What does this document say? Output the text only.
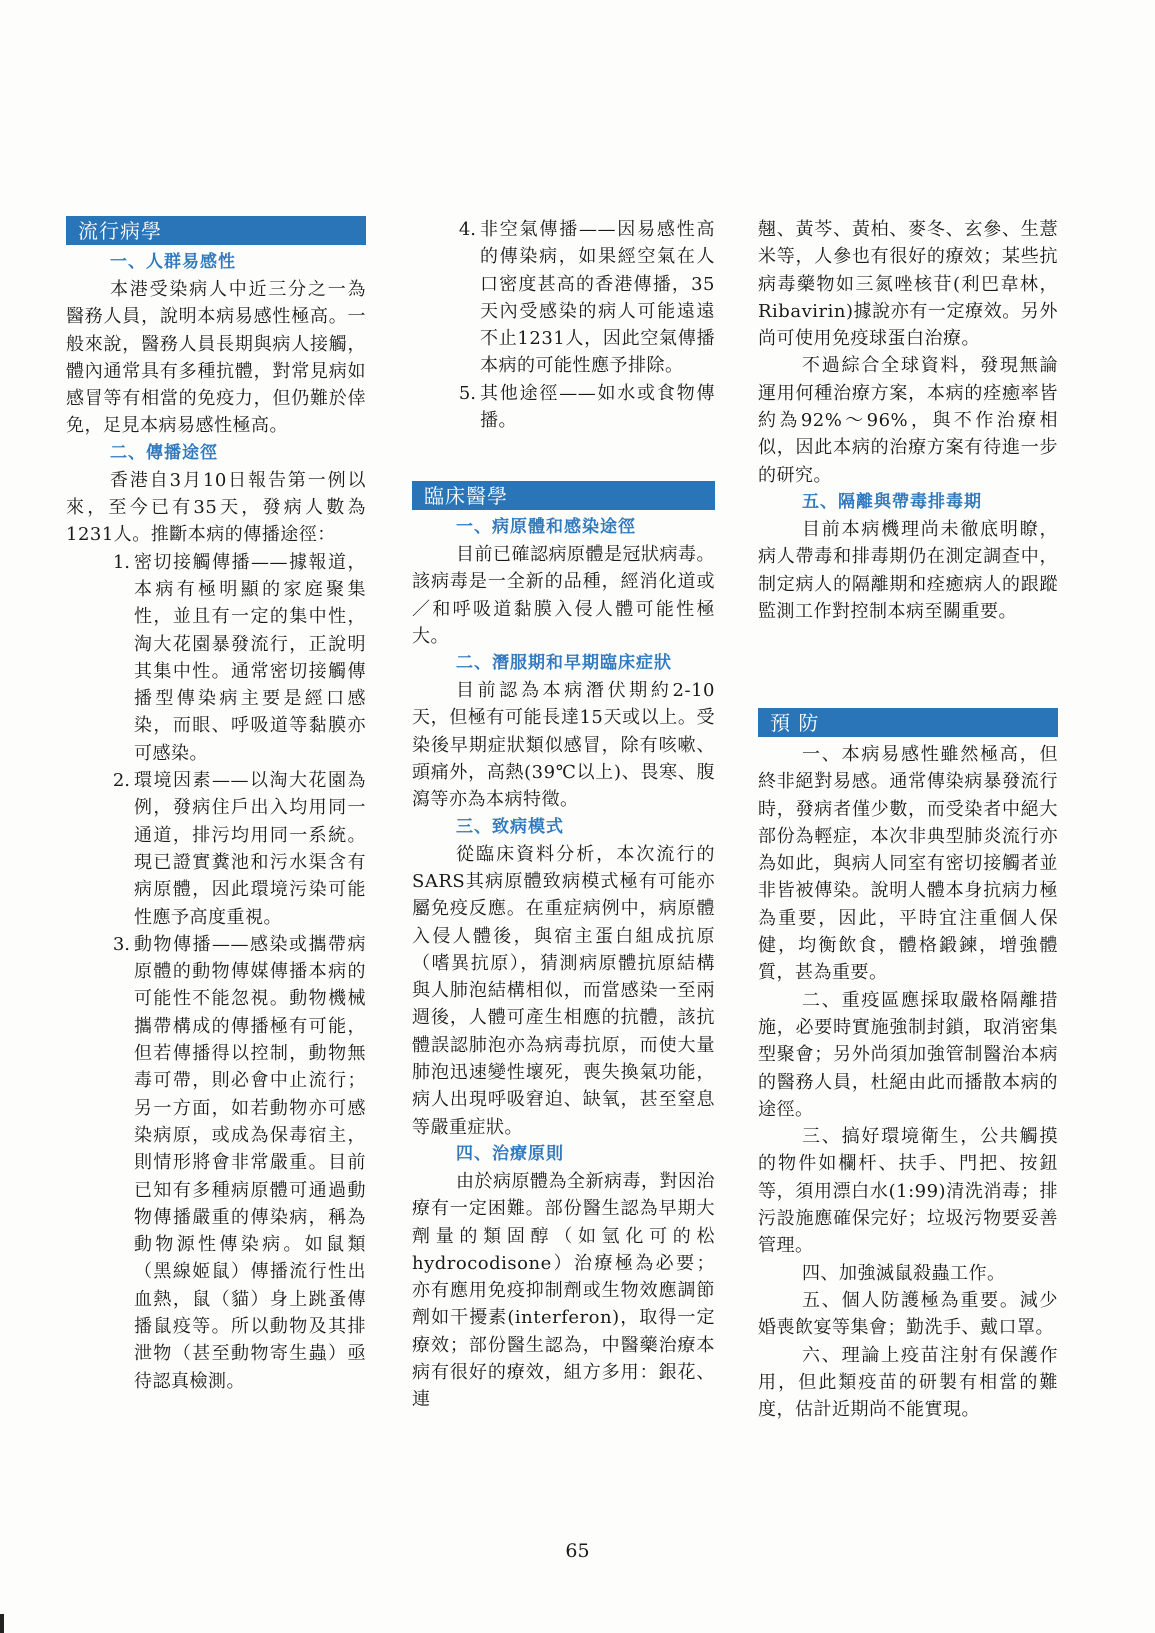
流行病學
一、人群易感性

本港受染病人中近三分之一為醫務人員，說明本病易感性極高。一般來說，醫務人員長期與病人接觸，體內通常具有多種抗體，對常見病如感冒等有相當的免疫力，但仍難於倖免，足見本病易感性極高。

二、傳播途徑

香港自3月10日報告第一例以來，至今已有35天，發病人數為1231人。推斷本病的傳播途徑：

1. 密切接觸傳播——據報道，本病有極明顯的家庭聚集性，並且有一定的集中性，淘大花園暴發流行，正說明其集中性。通常密切接觸傳播型傳染病主要是經口感染，而眼、呼吸道等黏膜亦可感染。
2. 環境因素——以淘大花園為例，發病住戶出入均用同一通道，排污均用同一系統。現已證實糞池和污水渠含有病原體，因此環境污染可能性應予高度重視。
3. 動物傳播——感染或攜帶病原體的動物傳媒傳播本病的可能性不能忽視。動物機械攜帶構成的傳播極有可能，但若傳播得以控制，動物無毒可帶，則必會中止流行；另一方面，如若動物亦可感染病原，或成為保毒宿主，則情形將會非常嚴重。目前已知有多種病原體可通過動物傳播嚴重的傳染病，稱為動物源性傳染病。如鼠類（黑線姬鼠）傳播流行性出血熱，鼠（貓）身上跳蚤傳播鼠疫等。所以動物及其排泄物（甚至動物寄生蟲）亟待認真檢測。
4. 非空氣傳播——因易感性高的傳染病，如果經空氣在人口密度甚高的香港傳播，35天內受感染的病人可能遠遠不止1231人，因此空氣傳播本病的可能性應予排除。
5. 其他途徑——如水或食物傳播。
臨床醫學
一、病原體和感染途徑

目前已確認病原體是冠狀病毒。該病毒是一全新的品種，經消化道或／和呼吸道黏膜入侵人體可能性極大。

二、潛服期和早期臨床症狀

目前認為本病潛伏期約2-10天，但極有可能長達15天或以上。受染後早期症狀類似感冒，除有咳嗽、頭痛外，高熱(39℃以上)、畏寒、腹瀉等亦為本病特徵。

三、致病模式

從臨床資料分析，本次流行的SARS其病原體致病模式極有可能亦屬免疫反應。在重症病例中，病原體入侵人體後，與宿主蛋白組成抗原（嗜異抗原），猜測病原體抗原結構與人肺泡結構相似，而當感染一至兩週後，人體可產生相應的抗體，該抗體誤認肺泡亦為病毒抗原，而使大量肺泡迅速變性壞死，喪失換氣功能，病人出現呼吸窘迫、缺氧，甚至窒息等嚴重症狀。

四、治療原則

由於病原體為全新病毒，對因治療有一定困難。部份醫生認為早期大劑量的類固醇（如氫化可的松hydrocodisone）治療極為必要；亦有應用免疫抑制劑或生物效應調節劑如干擾素(interferon)，取得一定療效；部份醫生認為，中醫藥治療本病有很好的療效，組方多用：銀花、連

翹、黃芩、黃柏、麥冬、玄參、生薏米等，人參也有很好的療效；某些抗病毒藥物如三氮唑核苷(利巴韋林，Ribavirin)據說亦有一定療效。另外尚可使用免疫球蛋白治療。

不過綜合全球資料，發現無論運用何種治療方案，本病的痊癒率皆約為92%～96%，與不作治療相似，因此本病的治療方案有待進一步的研究。

五、隔離與帶毒排毒期

目前本病機理尚未徹底明瞭，病人帶毒和排毒期仍在測定調查中，制定病人的隔離期和痊癒病人的跟蹤監測工作對控制本病至關重要。

預 防

一、本病易感性雖然極高，但終非絕對易感。通常傳染病暴發流行時，發病者僅少數，而受染者中絕大部份為輕症，本次非典型肺炎流行亦為如此，與病人同室有密切接觸者並非皆被傳染。說明人體本身抗病力極為重要，因此，平時宜注重個人保健，均衡飲食，體格鍛鍊，增強體質，甚為重要。

二、重疫區應採取嚴格隔離措施，必要時實施強制封鎖，取消密集型聚會；另外尚須加強管制醫治本病的醫務人員，杜絕由此而播散本病的途徑。

三、搞好環境衛生，公共觸摸的物件如欄杆、扶手、門把、按鈕等，須用漂白水(1:99)清洗消毒；排污設施應確保完好；垃圾污物要妥善管理。

四、加強滅鼠殺蟲工作。

五、個人防護極為重要。減少婚喪飲宴等集會；勤洗手、戴口罩。

六、理論上疫苗注射有保護作用，但此類疫苗的研製有相當的難度，估計近期尚不能實現。

65
